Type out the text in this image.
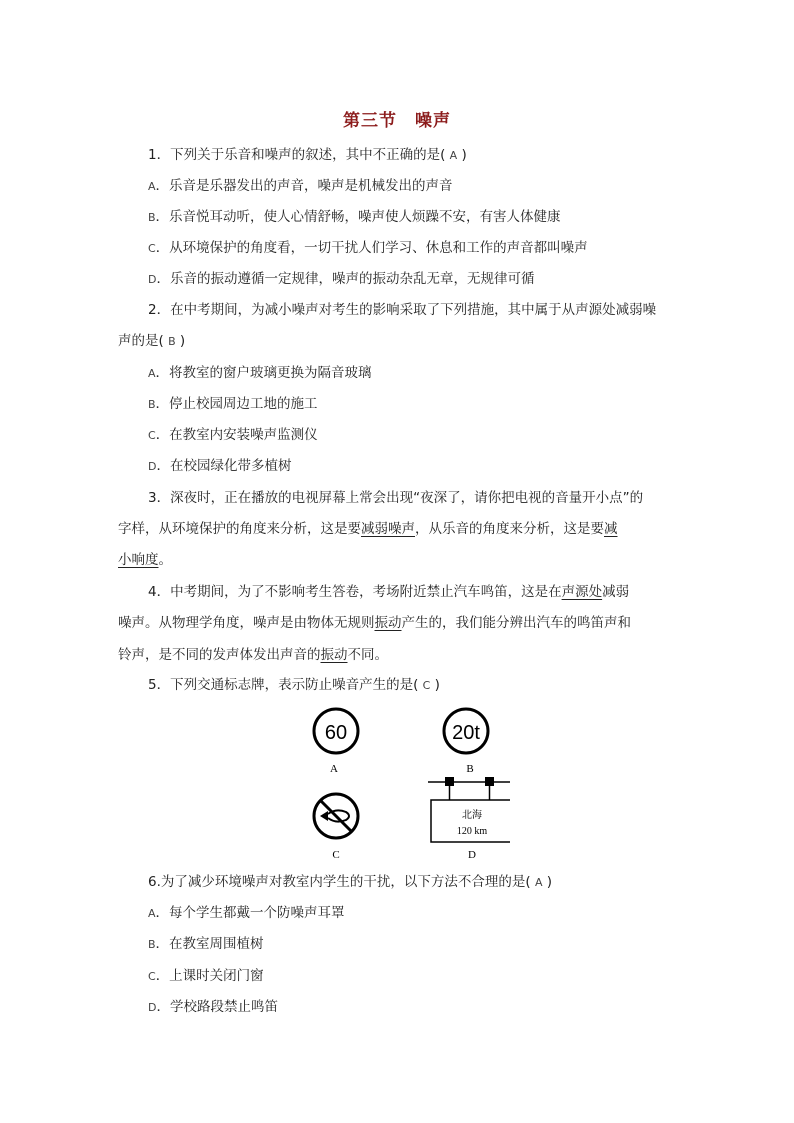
第三节　噪声
1．下列关于乐音和噪声的叙述，其中不正确的是( A )
A．乐音是乐器发出的声音，噪声是机械发出的声音
B．乐音悦耳动听，使人心情舒畅，噪声使人烦躁不安，有害人体健康
C．从环境保护的角度看，一切干扰人们学习、休息和工作的声音都叫噪声
D．乐音的振动遵循一定规律，噪声的振动杂乱无章，无规律可循
2．在中考期间，为减小噪声对考生的影响采取了下列措施，其中属于从声源处减弱噪
声的是( B )
A．将教室的窗户玻璃更换为隔音玻璃
B．停止校园周边工地的施工
C．在教室内安装噪声监测仪
D．在校园绿化带多植树
3．深夜时，正在播放的电视屏幕上常会出现“夜深了，请你把电视的音量开小点”的
字样，从环境保护的角度来分析，这是要减弱噪声，从乐音的角度来分析，这是要减
小响度。
4．中考期间，为了不影响考生答卷，考场附近禁止汽车鸣笛，这是在声源处减弱
噪声。从物理学角度，噪声是由物体无规则振动产生的，我们能分辨出汽车的鸣笛声和
铃声，是不同的发声体发出声音的振动不同。
5．下列交通标志牌，表示防止噪音产生的是( C )
60
A
20t
B
C
北海
120 km
D
6.为了减少环境噪声对教室内学生的干扰，以下方法不合理的是( A )
A．每个学生都戴一个防噪声耳罩
B．在教室周围植树
C．上课时关闭门窗
D．学校路段禁止鸣笛
